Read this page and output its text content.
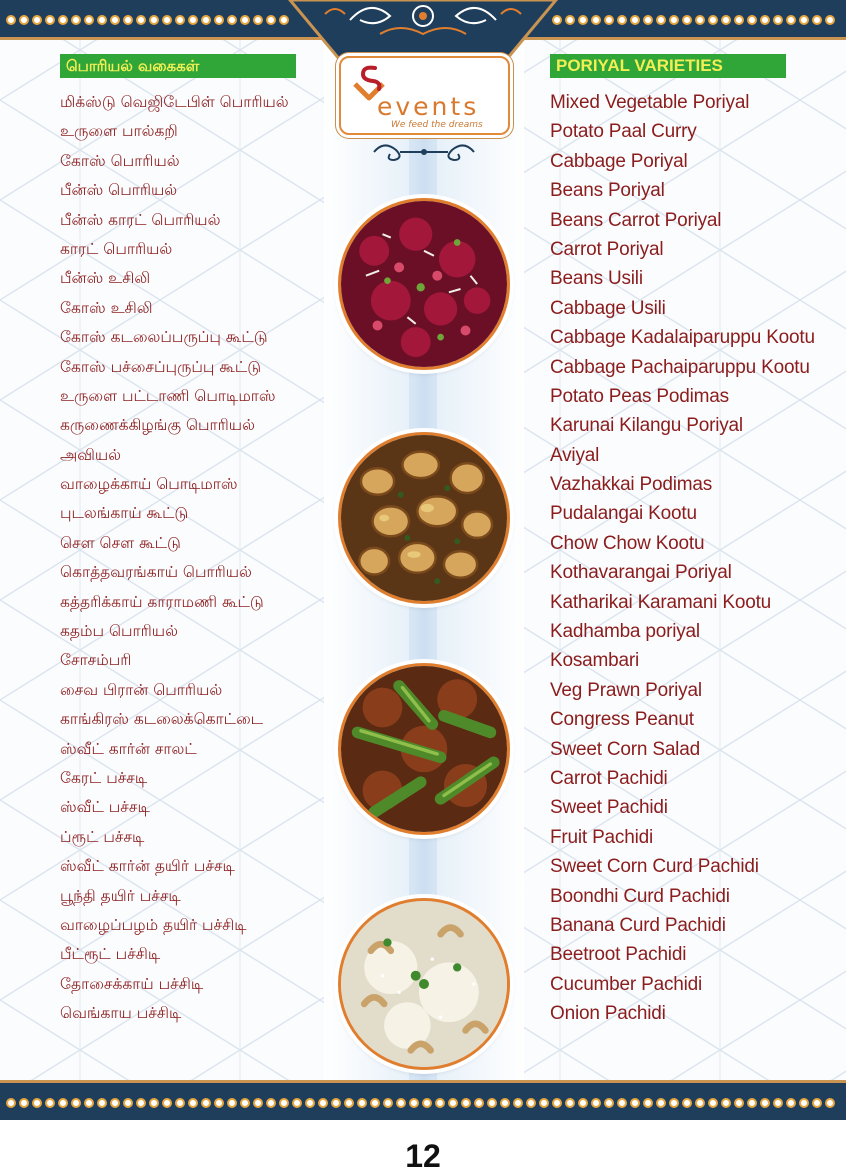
events
We feed the dreams
பொரியல் வகைகள்	PORIYAL VARIETIES
மிக்ஸ்டு வெஜிடேபிள் பொரியல்
உருளை பால்கறி
கோஸ் பொரியல்
பீன்ஸ் பொரியல்
பீன்ஸ் காரட் பொரியல்
காரட் பொரியல்
பீன்ஸ் உசிலி
கோஸ் உசிலி
கோஸ் கடலைப்பருப்பு கூட்டு
கோஸ் பச்சைப்புருப்பு கூட்டு
உருளை பட்டாணி பொடிமாஸ்
கருணைக்கிழங்கு பொரியல்
அவியல்
வாழைக்காய் பொடிமாஸ்
புடலங்காய் கூட்டு
சௌ சௌ கூட்டு
கொத்தவரங்காய் பொரியல்
கத்தரிக்காய் காராமணி கூட்டு
கதம்ப பொரியல்
சோசம்பரி
சைவ பிரான் பொரியல்
காங்கிரஸ் கடலைக்கொட்டை
ஸ்வீட் கார்ன் சாலட்
கேரட் பச்சடி
ஸ்வீட் பச்சடி
ப்ரூட் பச்சடி
ஸ்வீட் கார்ன் தயிர் பச்சடி
பூந்தி தயிர் பச்சடி
வாழைப்பழம் தயிர் பச்சிடி
பீட்ரூட் பச்சிடி
தோசைக்காய் பச்சிடி
வெங்காய பச்சிடி
Mixed Vegetable Poriyal
Potato Paal Curry
Cabbage Poriyal
Beans Poriyal
Beans Carrot Poriyal
Carrot Poriyal
Beans Usili
Cabbage Usili
Cabbage Kadalaiparuppu Kootu
Cabbage Pachaiparuppu Kootu
Potato Peas Podimas
Karunai Kilangu Poriyal
Aviyal
Vazhakkai Podimas
Pudalangai Kootu
Chow Chow Kootu
Kothavarangai Poriyal
Katharikai Karamani Kootu
Kadhamba poriyal
Kosambari
Veg Prawn Poriyal
Congress Peanut
Sweet Corn Salad
Carrot Pachidi
Sweet Pachidi
Fruit Pachidi
Sweet Corn Curd Pachidi
Boondhi Curd Pachidi
Banana Curd Pachidi
Beetroot Pachidi
Cucumber Pachidi
Onion Pachidi
12
